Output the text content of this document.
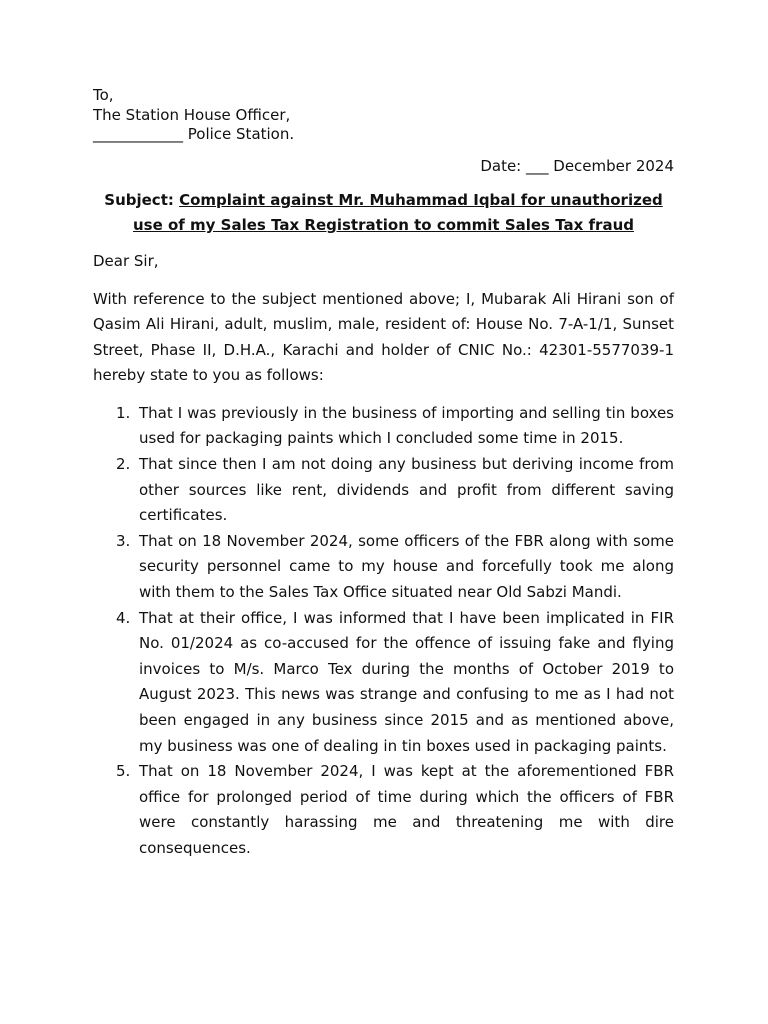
To,

The Station House Officer,

____________ Police Station.

Date: ___ December 2024
Subject: Complaint against Mr. Muhammad Iqbal for unauthorized use of my Sales Tax Registration to commit Sales Tax fraud
Dear Sir,
With reference to the subject mentioned above; I, Mubarak Ali Hirani son of Qasim Ali Hirani, adult, muslim, male, resident of: House No. 7-A-1/1, Sunset Street, Phase II, D.H.A., Karachi and holder of CNIC No.: 42301-5577039-1 hereby state to you as follows:
1. That I was previously in the business of importing and selling tin boxes used for packaging paints which I concluded some time in 2015.
2. That since then I am not doing any business but deriving income from other sources like rent, dividends and profit from different saving certificates.
3. That on 18 November 2024, some officers of the FBR along with some security personnel came to my house and forcefully took me along with them to the Sales Tax Office situated near Old Sabzi Mandi.
4. That at their office, I was informed that I have been implicated in FIR No. 01/2024 as co-accused for the offence of issuing fake and flying invoices to M/s. Marco Tex during the months of October 2019 to August 2023. This news was strange and confusing to me as I had not been engaged in any business since 2015 and as mentioned above, my business was one of dealing in tin boxes used in packaging paints.
5. That on 18 November 2024, I was kept at the aforementioned FBR office for prolonged period of time during which the officers of FBR were constantly harassing me and threatening me with dire consequences.
